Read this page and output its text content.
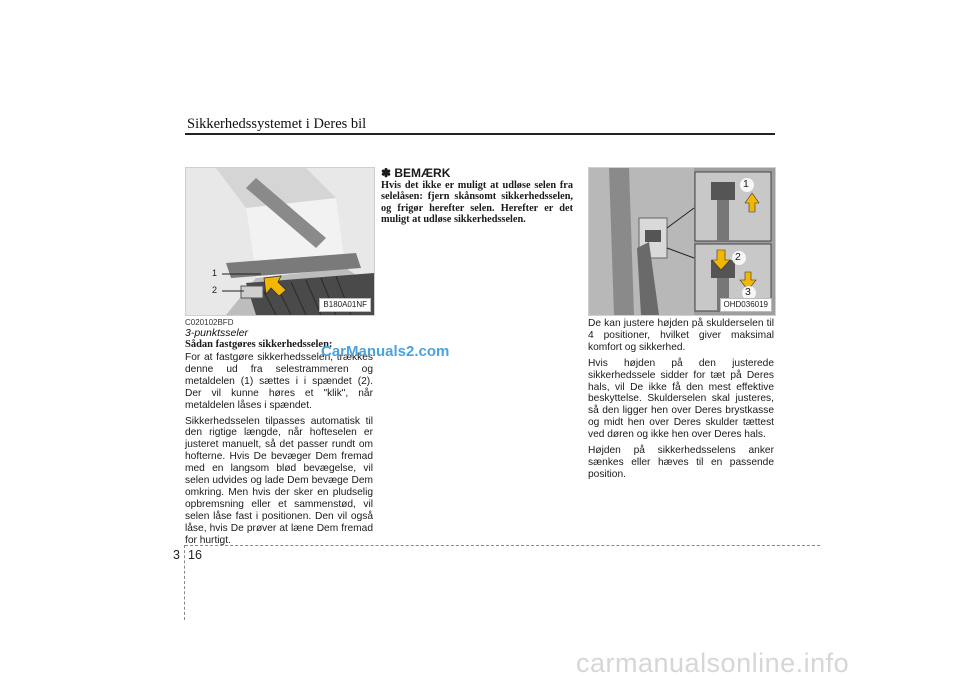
Sikkerhedssystemet i Deres bil
1
2
B180A01NF
C020102BFD
3-punktsseler
Sådan fastgøres sikkerhedsselen:

For at fastgøre sikkerhedsselen, trækkes denne ud fra selestrammeren og metaldelen (1) sættes i i spændet (2). Der vil kunne høres et "klik", når metaldelen låses i spændet.

Sikkerhedsselen tilpasses automatisk til den rigtige længde, når hofteselen er justeret manuelt, så det passer rundt om hofterne. Hvis De bevæger Dem fremad med en langsom blød bevægelse, vil selen udvides og lade Dem bevæge Dem omkring. Men hvis der sker en pludselig opbremsning eller et sammenstød, vil selen låse fast i positionen. Den vil også låse, hvis De prøver at læne Dem fremad for hurtigt.

✽ BEMÆRK
Hvis det ikke er muligt at udløse selen fra selelåsen: fjern skånsomt sikkerhedsselen, og frigør herefter selen. Herefter er det muligt at udløse sikkerhedsselen.
1
2
3
OHD036019

De kan justere højden på skulderselen til 4 positioner, hvilket giver maksimal komfort og sikkerhed.

Hvis højden på den justerede sikkerhedssele sidder for tæt på Deres hals, vil De ikke få den mest effektive beskyttelse. Skulderselen skal justeres, så den ligger hen over Deres brystkasse og midt hen over Deres skulder tættest ved døren og ikke hen over Deres hals.

Højden på sikkerhedsselens anker sænkes eller hæves til en passende position.

CarManuals2.com
3 16
carmanualsonline.info
